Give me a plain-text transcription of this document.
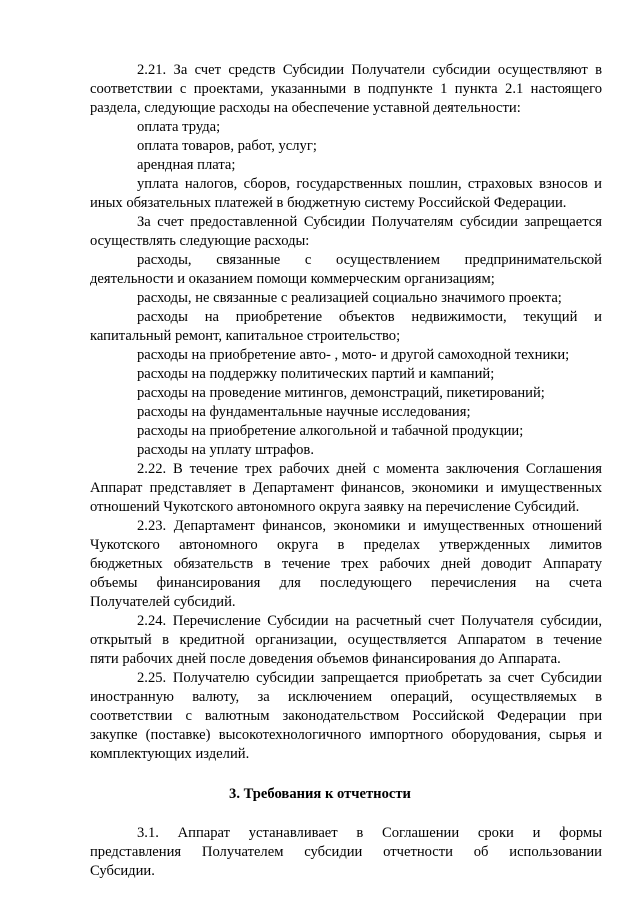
2.21. За счет средств Субсидии Получатели субсидии осуществляют в
соответствии с проектами, указанными в подпункте 1 пункта 2.1 настоящего
раздела, следующие расходы на обеспечение уставной деятельности:
оплата труда;
оплата товаров, работ, услуг;
арендная плата;
уплата налогов, сборов, государственных пошлин, страховых взносов и
иных обязательных платежей в бюджетную систему Российской Федерации.
За счет предоставленной Субсидии Получателям субсидии запрещается
осуществлять следующие расходы:
расходы, связанные с осуществлением предпринимательской
деятельности и оказанием помощи коммерческим организациям;
расходы, не связанные с реализацией социально значимого проекта;
расходы на приобретение объектов недвижимости, текущий и
капитальный ремонт, капитальное строительство;
расходы на приобретение авто- , мото- и другой самоходной техники;
расходы на поддержку политических партий и кампаний;
расходы на проведение митингов, демонстраций, пикетирований;
расходы на фундаментальные научные исследования;
расходы на приобретение алкогольной и табачной продукции;
расходы на уплату штрафов.
2.22. В течение трех рабочих дней с момента заключения Соглашения
Аппарат представляет в Департамент финансов, экономики и имущественных
отношений Чукотского автономного округа заявку на перечисление Субсидий.
2.23. Департамент финансов, экономики и имущественных отношений
Чукотского автономного округа в пределах утвержденных лимитов
бюджетных обязательств в течение трех рабочих дней доводит Аппарату
объемы финансирования для последующего перечисления на счета
Получателей субсидий.
2.24. Перечисление Субсидии на расчетный счет Получателя субсидии,
открытый в кредитной организации, осуществляется Аппаратом в течение
пяти рабочих дней после доведения объемов финансирования до Аппарата.
2.25. Получателю субсидии запрещается приобретать за счет Субсидии
иностранную валюту, за исключением операций, осуществляемых в
соответствии с валютным законодательством Российской Федерации при
закупке (поставке) высокотехнологичного импортного оборудования, сырья и
комплектующих изделий.
3. Требования к отчетности
3.1. Аппарат устанавливает в Соглашении сроки и формы
представления Получателем субсидии отчетности об использовании
Субсидии.
